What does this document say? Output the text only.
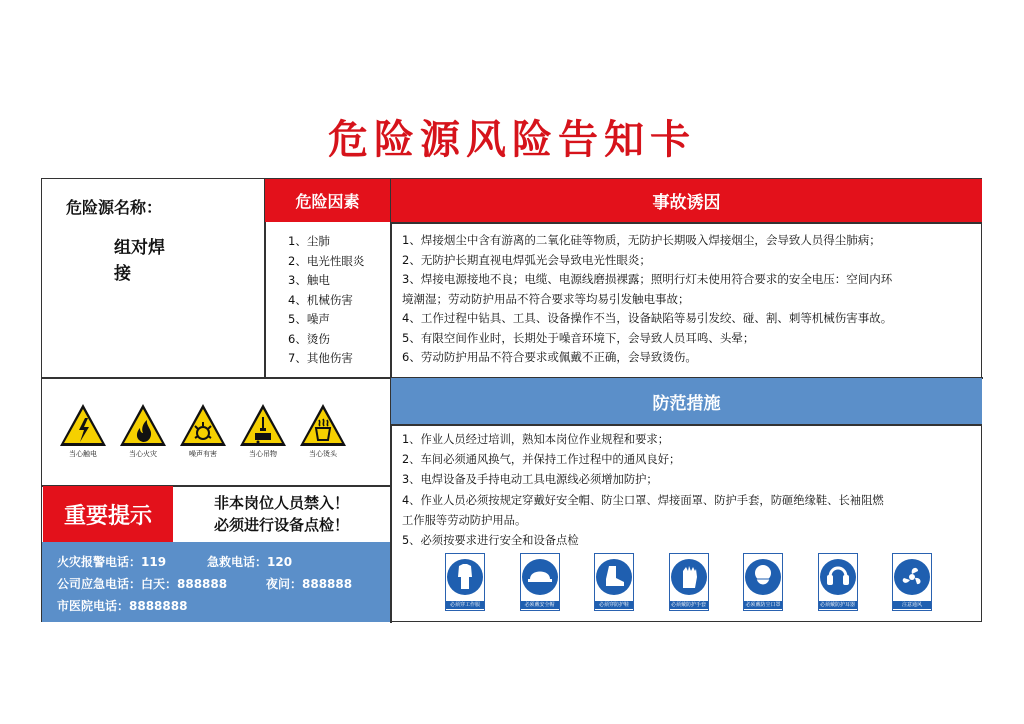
危险源风险告知卡
危险源名称：
组对焊接
危险因素
1、尘肺
2、电光性眼炎
3、触电
4、机械伤害
5、噪声
6、烫伤
7、其他伤害
事故诱因
1、焊接烟尘中含有游离的二氧化硅等物质，无防护长期吸入焊接烟尘，会导致人员得尘肺病；
2、无防护长期直视电焊弧光会导致电光性眼炎；
3、焊接电源接地不良；电缆、电源线磨损裸露；照明行灯未使用符合要求的安全电压：空间内环
境潮湿；劳动防护用品不符合要求等均易引发触电事故；
4、工作过程中钻具、工具、设备操作不当，设备缺陷等易引发绞、碰、割、刺等机械伤害事故。
5、有限空间作业时，长期处于噪音环境下，会导致人员耳鸣、头晕；
6、劳动防护用品不符合要求或佩戴不正确，会导致烫伤。
当心触电	当心火灾	噪声有害	当心吊物	当心烫头
重要提示
非本岗位人员禁入！
必须进行设备点检！
火灾报警电话：119	急救电话：120
公司应急电话：白天：888888	夜问：888888
市医院电话：8888888
防范措施
1、作业人员经过培训，熟知本岗位作业规程和要求；
2、车间必须通风换气，并保持工作过程中的通风良好；
3、电焊设备及手持电动工具电源线必须增加防护；
4、作业人员必须按规定穿戴好安全帽、防尘口罩、焊接面罩、防护手套，防砸绝缘鞋、长袖阻燃
工作服等劳动防护用品。
5、必须按要求进行安全和设备点检
必须穿工作服	必须戴安全帽	必须穿防护鞋	必须戴防护手套	必须戴防尘口罩	必须戴防护耳器	注意通风
